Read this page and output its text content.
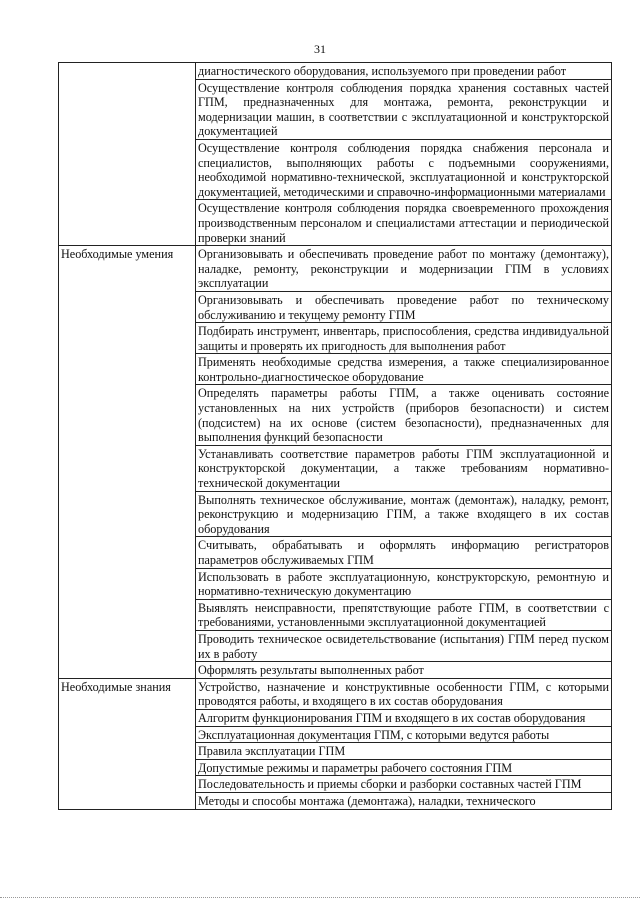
31
	диагностического оборудования, используемого при проведении работ
	Осуществление контроля соблюдения порядка хранения составных частей ГПМ, предназначенных для монтажа, ремонта, реконструкции и модернизации машин, в соответствии с эксплуатационной и конструкторской документацией
	Осуществление контроля соблюдения порядка снабжения персонала и специалистов, выполняющих работы с подъемными сооружениями, необходимой нормативно-технической, эксплуатационной и конструкторской документацией, методическими и справочно-информационными материалами
	Осуществление контроля соблюдения порядка своевременного прохождения производственным персоналом и специалистами аттестации и периодической проверки знаний
Необходимые умения	Организовывать и обеспечивать проведение работ по монтажу (демонтажу), наладке, ремонту, реконструкции и модернизации ГПМ в условиях эксплуатации
	Организовывать и обеспечивать проведение работ по техническому обслуживанию и текущему ремонту ГПМ
	Подбирать инструмент, инвентарь, приспособления, средства индивидуальной защиты и проверять их пригодность для выполнения работ
	Применять необходимые средства измерения, а также специализированное контрольно-диагностическое оборудование
	Определять параметры работы ГПМ, а также оценивать состояние установленных на них устройств (приборов безопасности) и систем (подсистем) на их основе (систем безопасности), предназначенных для выполнения функций безопасности
	Устанавливать соответствие параметров работы ГПМ эксплуатационной и конструкторской документации, а также требованиям нормативно-технической документации
	Выполнять техническое обслуживание, монтаж (демонтаж), наладку, ремонт, реконструкцию и модернизацию ГПМ, а также входящего в их состав оборудования
	Считывать, обрабатывать и оформлять информацию регистраторов параметров обслуживаемых ГПМ
	Использовать в работе эксплуатационную, конструкторскую, ремонтную и нормативно-техническую документацию
	Выявлять неисправности, препятствующие работе ГПМ, в соответствии с требованиями, установленными эксплуатационной документацией
	Проводить техническое освидетельствование (испытания) ГПМ перед пуском их в работу
	Оформлять результаты выполненных работ
Необходимые знания	Устройство, назначение и конструктивные особенности ГПМ, с которыми проводятся работы, и входящего в их состав оборудования
	Алгоритм функционирования ГПМ и входящего в их состав оборудования
	Эксплуатационная документация ГПМ, с которыми ведутся работы
	Правила эксплуатации ГПМ
	Допустимые режимы и параметры рабочего состояния ГПМ
	Последовательность и приемы сборки и разборки составных частей ГПМ
	Методы и способы монтажа (демонтажа), наладки, технического
